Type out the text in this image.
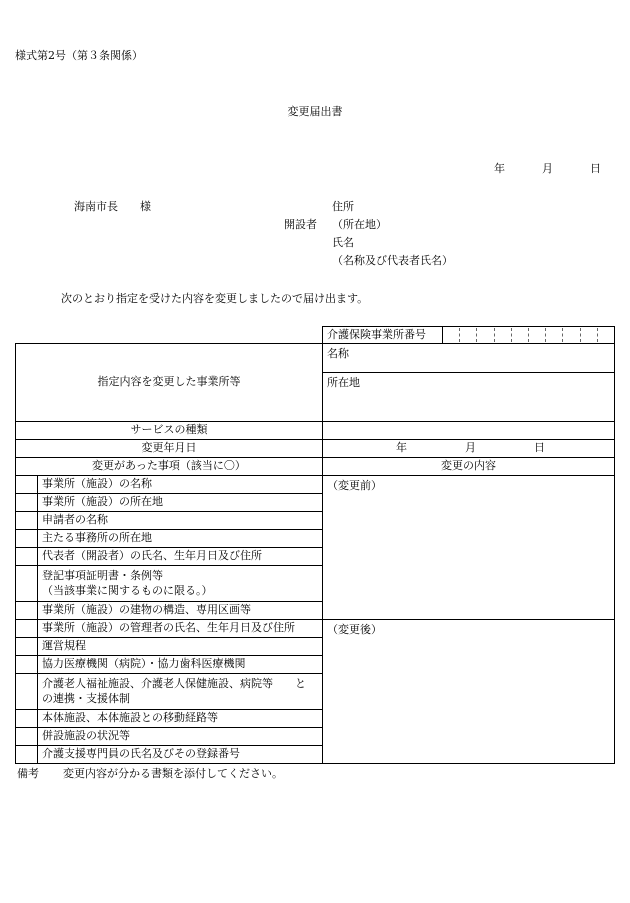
様式第2号（第３条関係）
変更届出書
年	月	日
海南市長 様
開設者
住所
（所在地）
氏名
（名称及び代表者氏名）
次のとおり指定を受けた内容を変更しましたので届け出ます。

		介護保険事業所番号

指定内容を変更した事業所等		名称
		所在地
サービスの種類		
変更年月日		年 月 日

変更があった事項（該当に〇）		変更の内容
	事業所（施設）の名称	（変更前）
	事業所（施設）の所在地	
	申請者の名称	
	主たる事務所の所在地	
	代表者（開設者）の氏名、生年月日及び住所	

	登記事項証明書・条例等
（当該事業に関するものに限る。）	

	事業所（施設）の建物の構造、専用区画等	
	事業所（施設）の管理者の氏名、生年月日及び住所	（変更後）
	運営規程	
	協力医療機関（病院）・協力歯科医療機関	

	介護老人福祉施設、介護老人保健施設、病院等　　と
の連携・支援体制	

	本体施設、本体施設との移動経路等	
	併設施設の状況等	
	介護支援専門員の氏名及びその登録番号	
備考 変更内容が分かる書類を添付してください。
